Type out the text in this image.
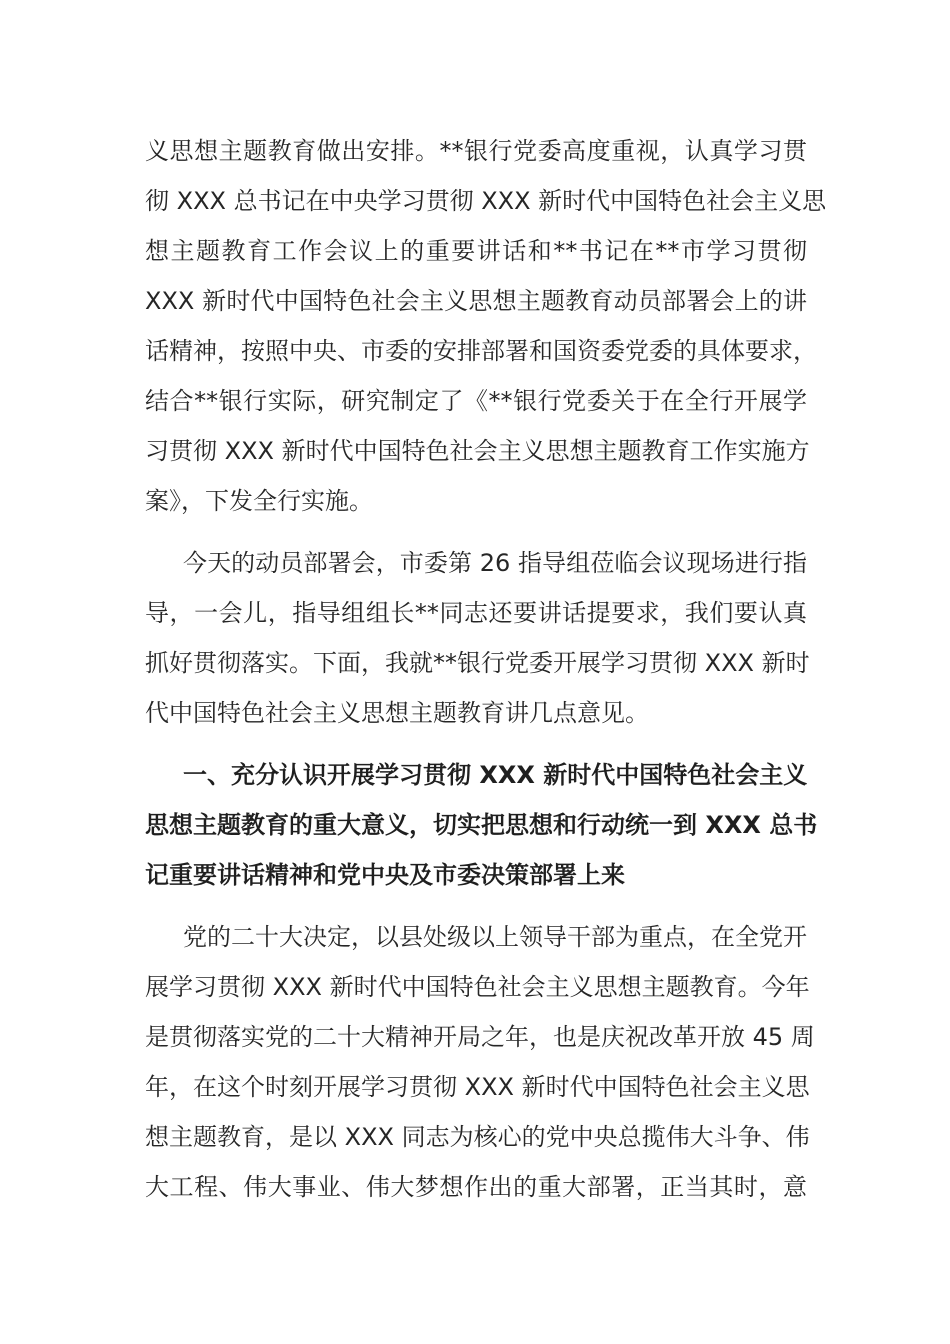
义思想主题教育做出安排。**银行党委高度重视，认真学习贯
彻 XXX 总书记在中央学习贯彻 XXX 新时代中国特色社会主义思
想主题教育工作会议上的重要讲话和**书记在**市学习贯彻
XXX 新时代中国特色社会主义思想主题教育动员部署会上的讲
话精神，按照中央、市委的安排部署和国资委党委的具体要求，
结合**银行实际，研究制定了《**银行党委关于在全行开展学
习贯彻 XXX 新时代中国特色社会主义思想主题教育工作实施方
案》，下发全行实施。
今天的动员部署会，市委第 26 指导组莅临会议现场进行指
导，一会儿，指导组组长**同志还要讲话提要求，我们要认真
抓好贯彻落实。下面，我就**银行党委开展学习贯彻 XXX 新时
代中国特色社会主义思想主题教育讲几点意见。
一、充分认识开展学习贯彻 XXX 新时代中国特色社会主义
思想主题教育的重大意义，切实把思想和行动统一到 XXX 总书
记重要讲话精神和党中央及市委决策部署上来
党的二十大决定，以县处级以上领导干部为重点，在全党开
展学习贯彻 XXX 新时代中国特色社会主义思想主题教育。今年
是贯彻落实党的二十大精神开局之年，也是庆祝改革开放 45 周
年，在这个时刻开展学习贯彻 XXX 新时代中国特色社会主义思
想主题教育，是以 XXX 同志为核心的党中央总揽伟大斗争、伟
大工程、伟大事业、伟大梦想作出的重大部署，正当其时，意
